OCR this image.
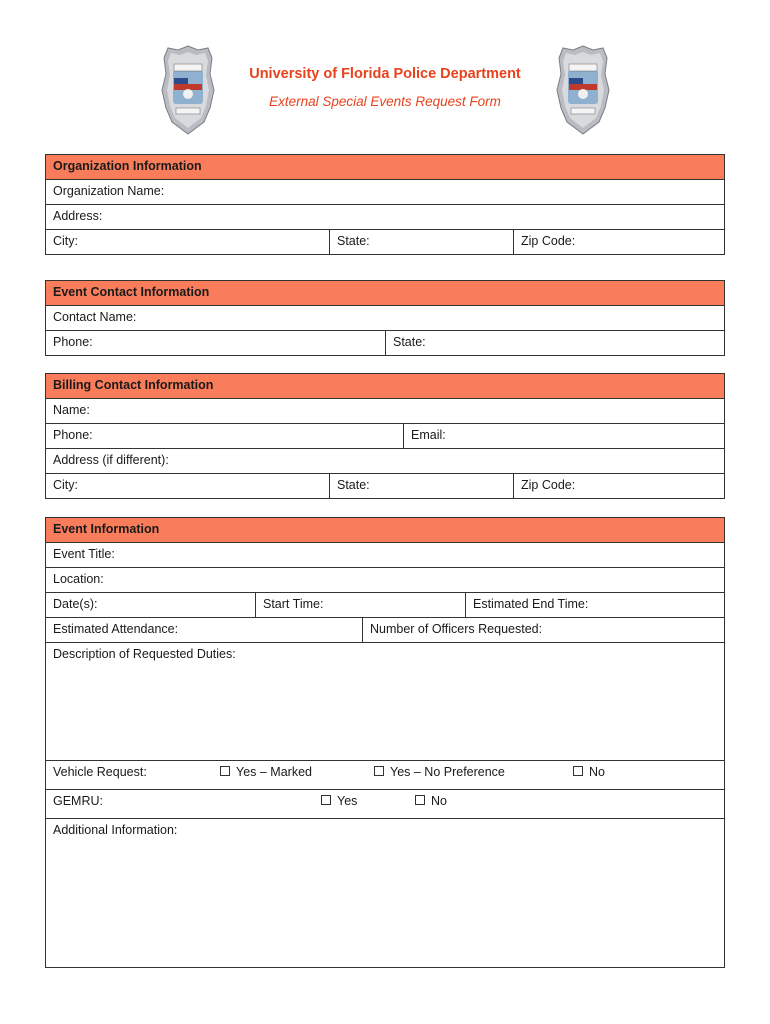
University of Florida Police Department
External Special Events Request Form
Organization Information
Organization Name:
Address:
City:	State:	Zip Code:
Event Contact Information
Contact Name:
Phone:	State:
Billing Contact Information
Name:
Phone:	Email:
Address (if different):
City:	State:	Zip Code:
Event Information
Event Title:
Location:
Date(s):	Start Time:	Estimated End Time:
Estimated Attendance:	Number of Officers Requested:
Description of Requested Duties:
Vehicle Request:	Yes – Marked	Yes – No Preference	No
GEMRU:	Yes	No
Additional Information:
